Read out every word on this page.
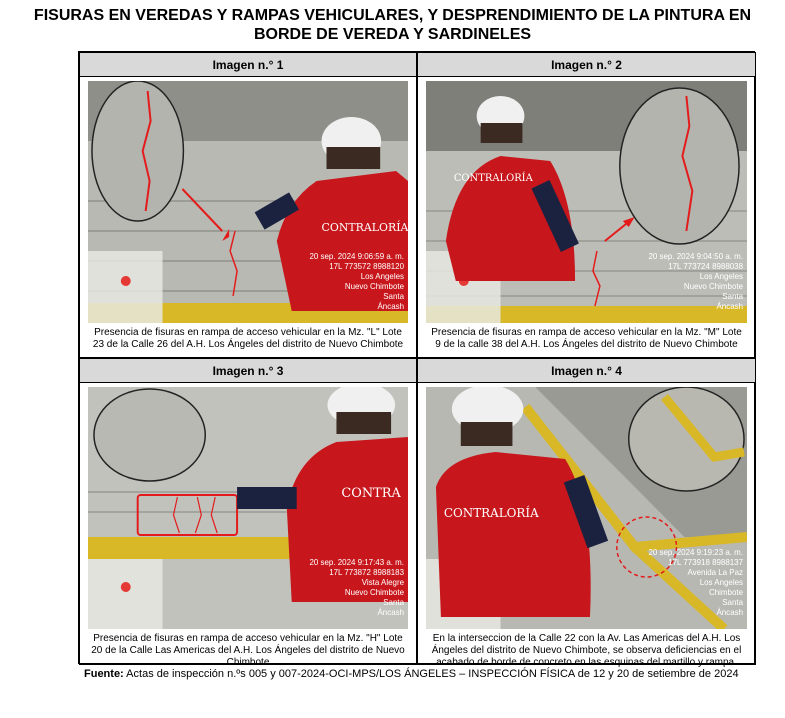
FISURAS EN VEREDAS Y RAMPAS VEHICULARES, Y DESPRENDIMIENTO DE LA PINTURA EN
BORDE DE VEREDA Y SARDINELES
Imagen n.° 1
CONTRALORÍA
20 sep. 2024 9:06:59 a. m.
17L 773572 8988120
Los Angeles
Nuevo Chimbote
Santa
Áncash
Presencia de fisuras en rampa de acceso vehicular en la Mz. "L" Lote
23 de la Calle 26 del A.H. Los Ángeles del distrito de Nuevo Chimbote
Imagen n.° 2
CONTRALORÍA
20 sep. 2024 9:04:50 a. m.
17L 773724 8988038
Los Angeles
Nuevo Chimbote
Santa
Áncash
Presencia de fisuras en rampa de acceso vehicular en la Mz. "M" Lote
9 de la calle 38 del A.H. Los Ángeles del distrito de Nuevo Chimbote
Imagen n.° 3
CONTRA
20 sep. 2024 9:17:43 a. m.
17L 773872 8988183
Vista Alegre
Nuevo Chimbote
Santa
Áncash
Presencia de fisuras en rampa de acceso vehicular en la Mz. "H" Lote
20 de la Calle Las Americas del A.H. Los Ángeles del distrito de Nuevo
Chimbote
Imagen n.° 4
CONTRALORÍA
20 sep. 2024 9:19:23 a. m.
17L 773918 8988137
Avenida La Paz
Los Angeles
Chimbote
Santa
Áncash
En la interseccion de la Calle 22 con la Av. Las Americas del A.H. Los
Ángeles del distrito de Nuevo Chimbote, se observa deficiencias en el
acabado de borde de concreto en las esquinas del martillo y rampa.
Fuente: Actas de inspección n.ºs 005 y 007-2024-OCI-MPS/LOS ÁNGELES – INSPECCIÓN FÍSICA de 12 y 20 de setiembre de 2024
